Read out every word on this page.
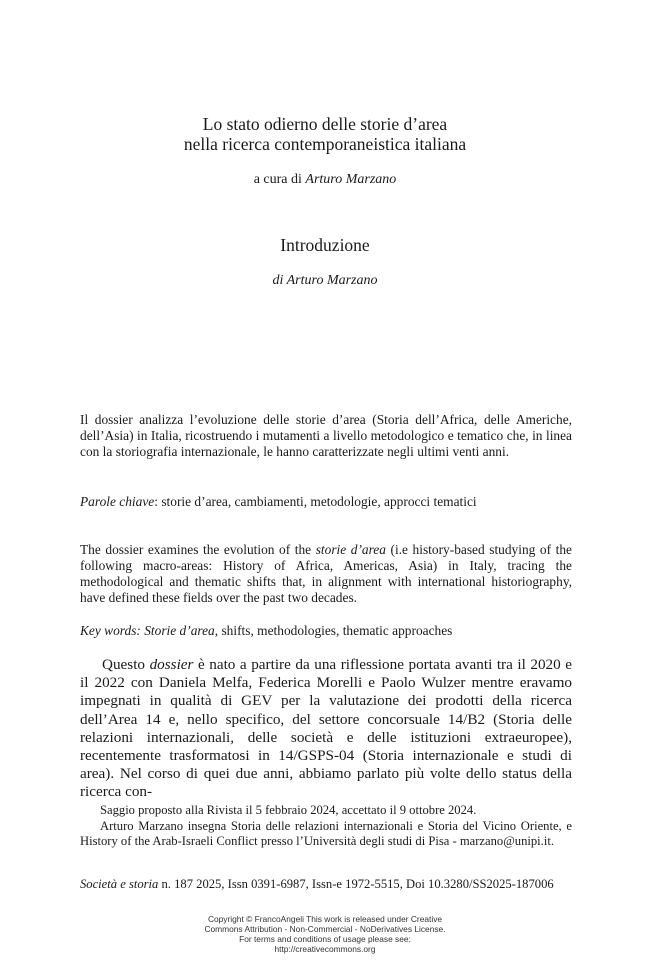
Lo stato odierno delle storie d’area
nella ricerca contemporaneistica italiana
a cura di Arturo Marzano
Introduzione
di Arturo Marzano
Il dossier analizza l’evoluzione delle storie d’area (Storia dell’Africa, delle Americhe, dell’Asia) in Italia, ricostruendo i mutamenti a livello metodologico e tematico che, in linea con la storiografia internazionale, le hanno caratterizzate negli ultimi venti anni.
Parole chiave: storie d’area, cambiamenti, metodologie, approcci tematici
The dossier examines the evolution of the storie d’area (i.e history-based studying of the following macro-areas: History of Africa, Americas, Asia) in Italy, tracing the methodological and thematic shifts that, in alignment with international historiography, have defined these fields over the past two decades.
Key words: Storie d’area, shifts, methodologies, thematic approaches
Questo dossier è nato a partire da una riflessione portata avanti tra il 2020 e il 2022 con Daniela Melfa, Federica Morelli e Paolo Wulzer mentre eravamo impegnati in qualità di GEV per la valutazione dei prodotti della ricerca dell’Area 14 e, nello specifico, del settore concorsuale 14/B2 (Storia delle relazioni internazionali, delle società e delle istituzioni extraeuropee), recentemente trasformatosi in 14/GSPS-04 (Storia internazionale e studi di area). Nel corso di quei due anni, abbiamo parlato più volte dello status della ricerca con-
Saggio proposto alla Rivista il 5 febbraio 2024, accettato il 9 ottobre 2024.
Arturo Marzano insegna Storia delle relazioni internazionali e Storia del Vicino Oriente, e History of the Arab-Israeli Conflict presso l’Università degli studi di Pisa - marzano@unipi.it.
Società e storia n. 187 2025, Issn 0391-6987, Issn-e 1972-5515, Doi 10.3280/SS2025-187006
Copyright © FrancoAngeli This work is released under Creative
Commons Attribution - Non-Commercial - NoDerivatives License.
For terms and conditions of usage please see:
http://creativecommons.org
